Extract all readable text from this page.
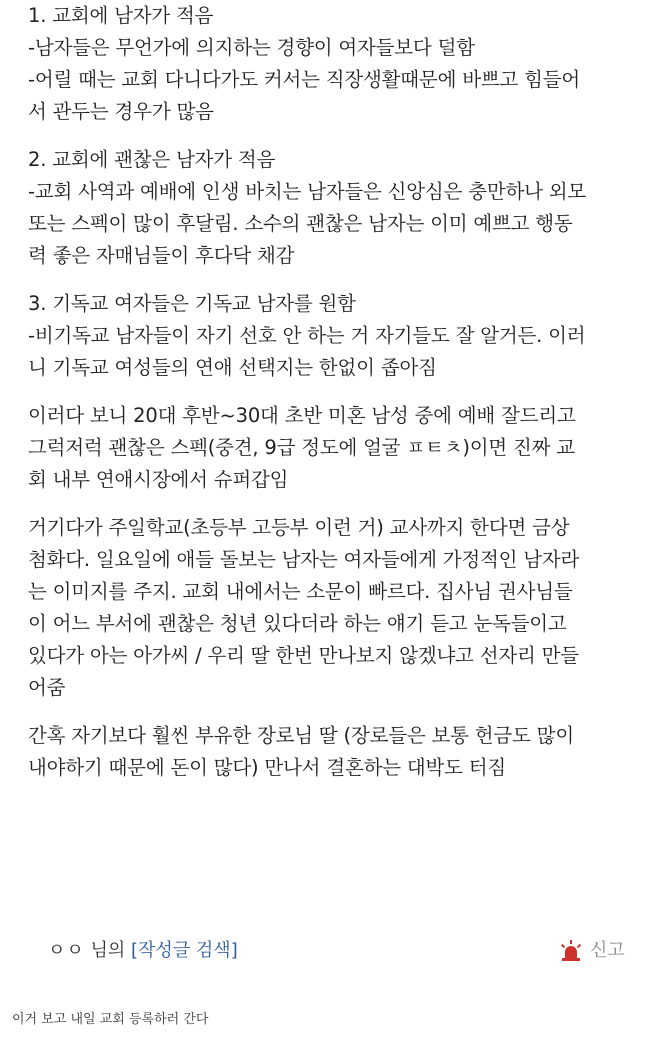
1. 교회에 남자가 적음
-남자들은 무언가에 의지하는 경향이 여자들보다 덜함
-어릴 때는 교회 다니다가도 커서는 직장생활때문에 바쁘고 힘들어
서 관두는 경우가 많음

2. 교회에 괜찮은 남자가 적음
-교회 사역과 예배에 인생 바치는 남자들은 신앙심은 충만하나 외모
또는 스펙이 많이 후달림. 소수의 괜찮은 남자는 이미 예쁘고 행동
력 좋은 자매님들이 후다닥 채감

3. 기독교 여자들은 기독교 남자를 원함
-비기독교 남자들이 자기 선호 안 하는 거 자기들도 잘 알거든. 이러
니 기독교 여성들의 연애 선택지는 한없이 좁아짐

이러다 보니 20대 후반~30대 초반 미혼 남성 중에 예배 잘드리고
그럭저럭 괜찮은 스펙(중견, 9급 정도에 얼굴 ㅍㅌㅊ)이면 진짜 교
회 내부 연애시장에서 슈퍼갑임

거기다가 주일학교(초등부 고등부 이런 거) 교사까지 한다면 금상
첨화다. 일요일에 애들 돌보는 남자는 여자들에게 가정적인 남자라
는 이미지를 주지. 교회 내에서는 소문이 빠르다. 집사님 권사님들
이 어느 부서에 괜찮은 청년 있다더라 하는 얘기 듣고 눈독들이고
있다가 아는 아가씨 / 우리 딸 한번 만나보지 않겠냐고 선자리 만들
어줌

간혹 자기보다 훨씬 부유한 장로님 딸 (장로들은 보통 헌금도 많이
내야하기 때문에 돈이 많다) 만나서 결혼하는 대박도 터짐

ㅇㅇ 님의 [작성글 검색]	신고
이거 보고 내일 교회 등록하러 간다
